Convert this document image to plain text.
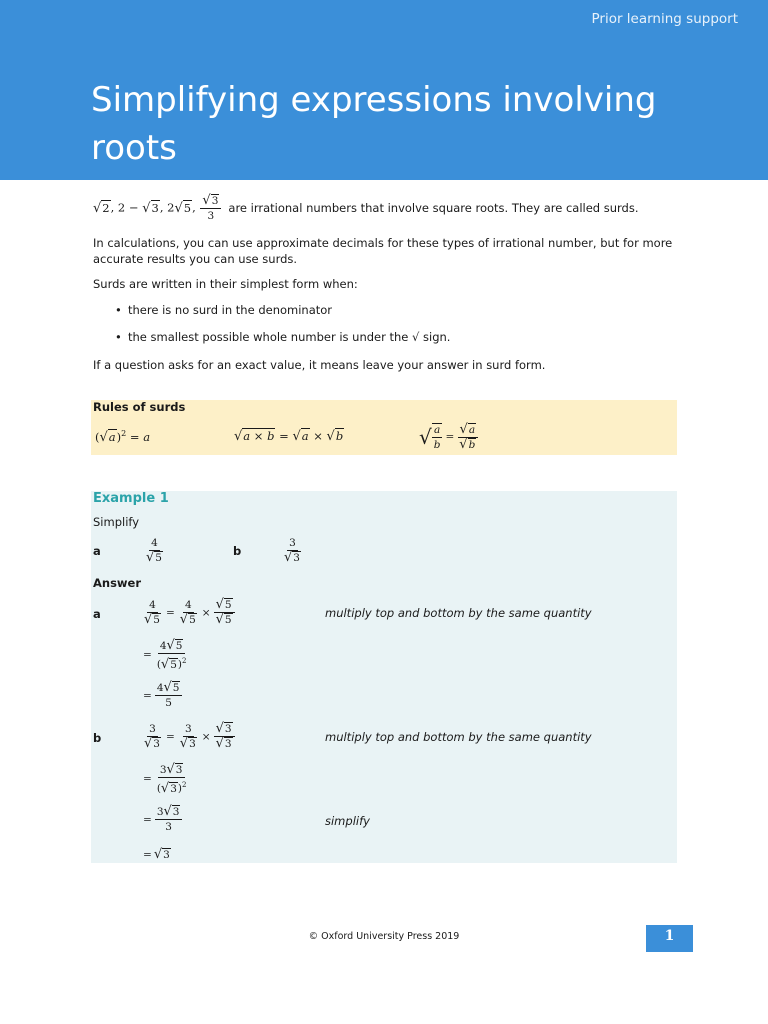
Prior learning support
Simplifying expressions involving roots
√2, 2 − √3, 2√5, $\frac{√3}{3}$ are irrational numbers that involve square roots. They are called surds.

In calculations, you can use approximate decimals for these types of irrational number, but for more accurate results you can use surds.

Surds are written in their simplest form when:

• there is no surd in the denominator
• the smallest possible whole number is under the √ sign.

If a question asks for an exact value, it means leave your answer in surd form.

Rules of surds
$(√a)^2 = a$	√a × b = √a × √b	√ $\frac{a}{b} = \frac{√a}{√b}$
Example 1
Simplify
a	$\frac{4}{√5}$	b	$\frac{3}{√3}$
Answer
a	$\frac{4}{√5} = \frac{4}{√5} \times \frac{√5}{√5}$	multiply top and bottom by the same quantity
= $\frac{4√5}{(√5)^2}$
= $\frac{4√5}{5}$
b	$\frac{3}{√3} = \frac{3}{√3} \times \frac{√3}{√3}$	multiply top and bottom by the same quantity
= $\frac{3√3}{(√3)^2}$
= $\frac{3√3}{3}$	simplify
= √3
© Oxford University Press 2019	1
